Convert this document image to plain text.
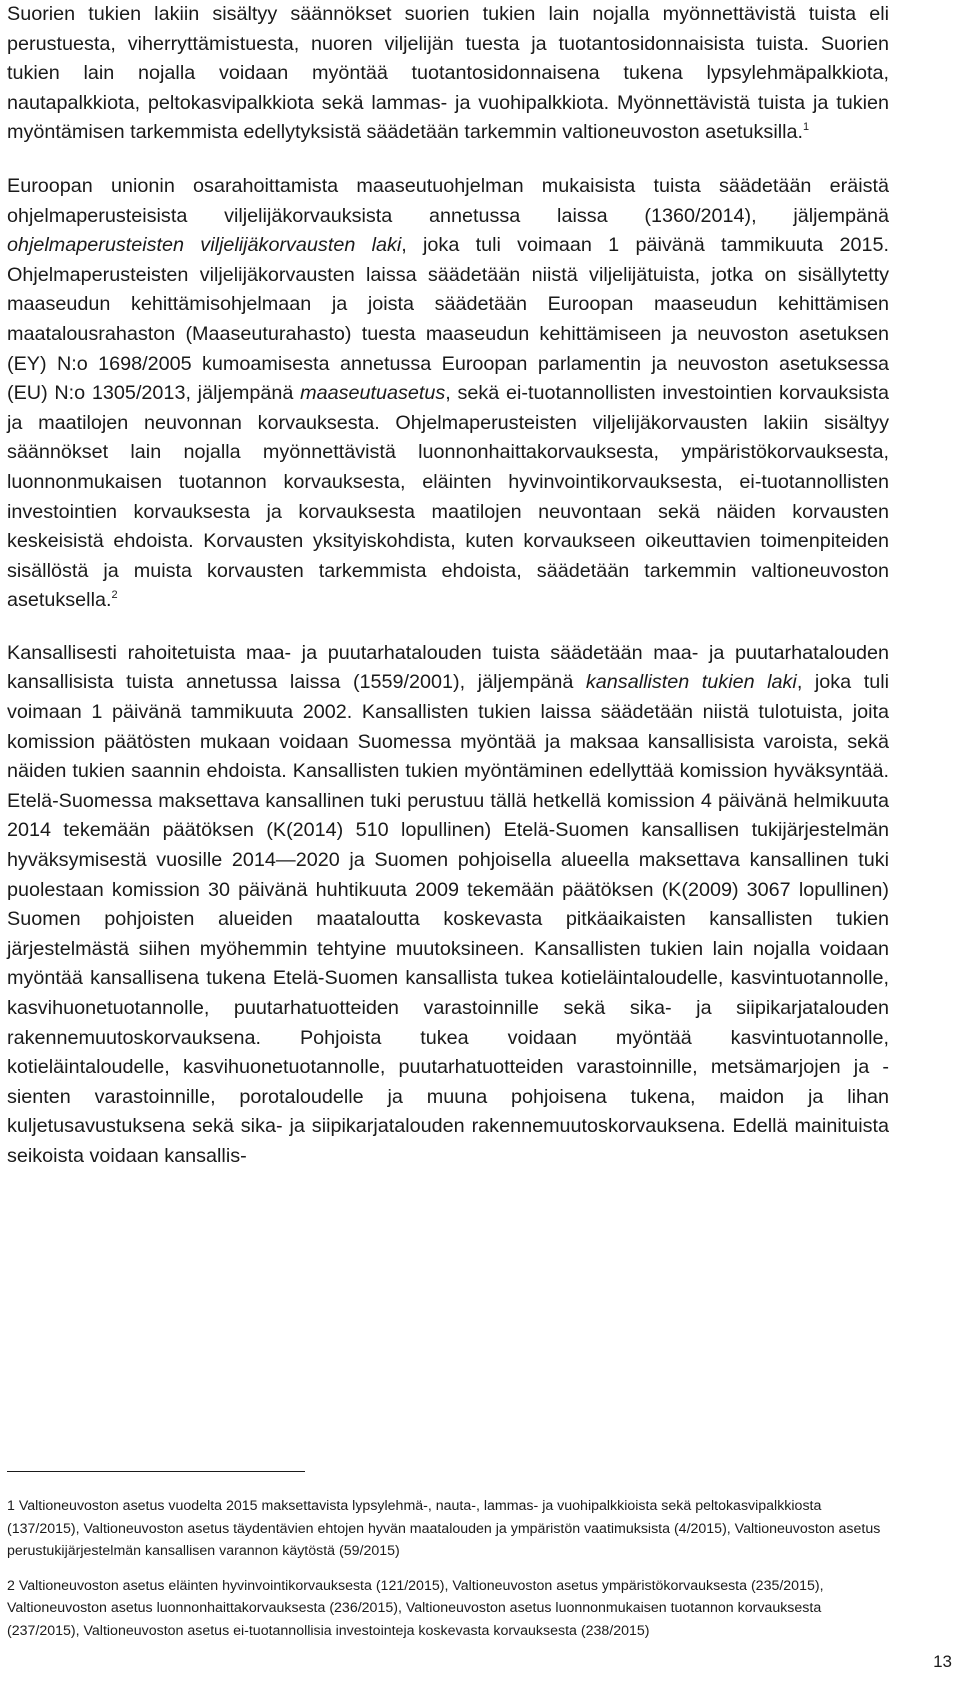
Suorien tukien lakiin sisältyy säännökset suorien tukien lain nojalla myönnettävistä tuista eli perustuesta, viherryttämistuesta, nuoren viljelijän tuesta ja tuotantosidonnaisista tuista. Suorien tukien lain nojalla voidaan myöntää tuotantosidonnaisena tukena lypsylehmäpalkkiota, nautapalkkiota, peltokasvipalkkiota sekä lammas- ja vuohipalkkiota. Myönnettävistä tuista ja tukien myöntämisen tarkemmista edellytyksistä säädetään tarkemmin valtioneuvoston asetuksilla.$^1$

Euroopan unionin osarahoittamista maaseutuohjelman mukaisista tuista säädetään eräistä ohjelmaperusteisista viljelijäkorvauksista annetussa laissa (1360/2014), jäljempänä ohjelmaperusteisten viljelijäkorvausten laki, joka tuli voimaan 1 päivänä tammikuuta 2015. Ohjelmaperusteisten viljelijäkorvausten laissa säädetään niistä viljelijätuista, jotka on sisällytetty maaseudun kehittämisohjelmaan ja joista säädetään Euroopan maaseudun kehittämisen maatalousrahaston (Maaseuturahasto) tuesta maaseudun kehittämiseen ja neuvoston asetuksen (EY) N:o 1698/2005 kumoamisesta annetussa Euroopan parlamentin ja neuvoston asetuksessa (EU) N:o 1305/2013, jäljempänä maaseutuasetus, sekä ei-tuotannollisten investointien korvauksista ja maatilojen neuvonnan korvauksesta. Ohjelmaperusteisten viljelijäkorvausten lakiin sisältyy säännökset lain nojalla myönnettävistä luonnonhaittakorvauksesta, ympäristökorvauksesta, luonnonmukaisen tuotannon korvauksesta, eläinten hyvinvointikorvauksesta, ei-tuotannollisten investointien korvauksesta ja korvauksesta maatilojen neuvontaan sekä näiden korvausten keskeisistä ehdoista. Korvausten yksityiskohdista, kuten korvaukseen oikeuttavien toimenpiteiden sisällöstä ja muista korvausten tarkemmista ehdoista, säädetään tarkemmin valtioneuvoston asetuksella.$^2$

Kansallisesti rahoitetuista maa- ja puutarhatalouden tuista säädetään maa- ja puutarhatalouden kansallisista tuista annetussa laissa (1559/2001), jäljempänä kansallisten tukien laki, joka tuli voimaan 1 päivänä tammikuuta 2002. Kansallisten tukien laissa säädetään niistä tulotuista, joita komission päätösten mukaan voidaan Suomessa myöntää ja maksaa kansallisista varoista, sekä näiden tukien saannin ehdoista. Kansallisten tukien myöntäminen edellyttää komission hyväksyntää. Etelä-Suomessa maksettava kansallinen tuki perustuu tällä hetkellä komission 4 päivänä helmikuuta 2014 tekemään päätöksen (K(2014) 510 lopullinen) Etelä-Suomen kansallisen tukijärjestelmän hyväksymisestä vuosille 2014—2020 ja Suomen pohjoisella alueella maksettava kansallinen tuki puolestaan komission 30 päivänä huhtikuuta 2009 tekemään päätöksen (K(2009) 3067 lopullinen) Suomen pohjoisten alueiden maataloutta koskevasta pitkäaikaisten kansallisten tukien järjestelmästä siihen myöhemmin tehtyine muutoksineen. Kansallisten tukien lain nojalla voidaan myöntää kansallisena tukena Etelä-Suomen kansallista tukea kotieläintaloudelle, kasvintuotannolle, kasvihuonetuotannolle, puutarhatuotteiden varastoinnille sekä sika- ja siipikarjatalouden rakennemuutoskorvauksena. Pohjoista tukea voidaan myöntää kasvintuotannolle, kotieläintaloudelle, kasvihuonetuotannolle, puutarhatuotteiden varastoinnille, metsämarjojen ja -sienten varastoinnille, porotaloudelle ja muuna pohjoisena tukena, maidon ja lihan kuljetusavustuksena sekä sika- ja siipikarjatalouden rakennemuutoskorvauksena. Edellä mainituista seikoista voidaan kansallis-

1 Valtioneuvoston asetus vuodelta 2015 maksettavista lypsylehmä-, nauta-, lammas- ja vuohipalkkioista sekä peltokasvipalkkiosta (137/2015), Valtioneuvoston asetus täydentävien ehtojen hyvän maatalouden ja ympäristön vaatimuksista (4/2015), Valtioneuvoston asetus perustukijärjestelmän kansallisen varannon käytöstä (59/2015)

2 Valtioneuvoston asetus eläinten hyvinvointikorvauksesta (121/2015), Valtioneuvoston asetus ympäristökorvauksesta (235/2015), Valtioneuvoston asetus luonnonhaittakorvauksesta (236/2015), Valtioneuvoston asetus luonnonmukaisen tuotannon korvauksesta (237/2015), Valtioneuvoston asetus ei-tuotannollisia investointeja koskevasta korvauksesta (238/2015)

13
